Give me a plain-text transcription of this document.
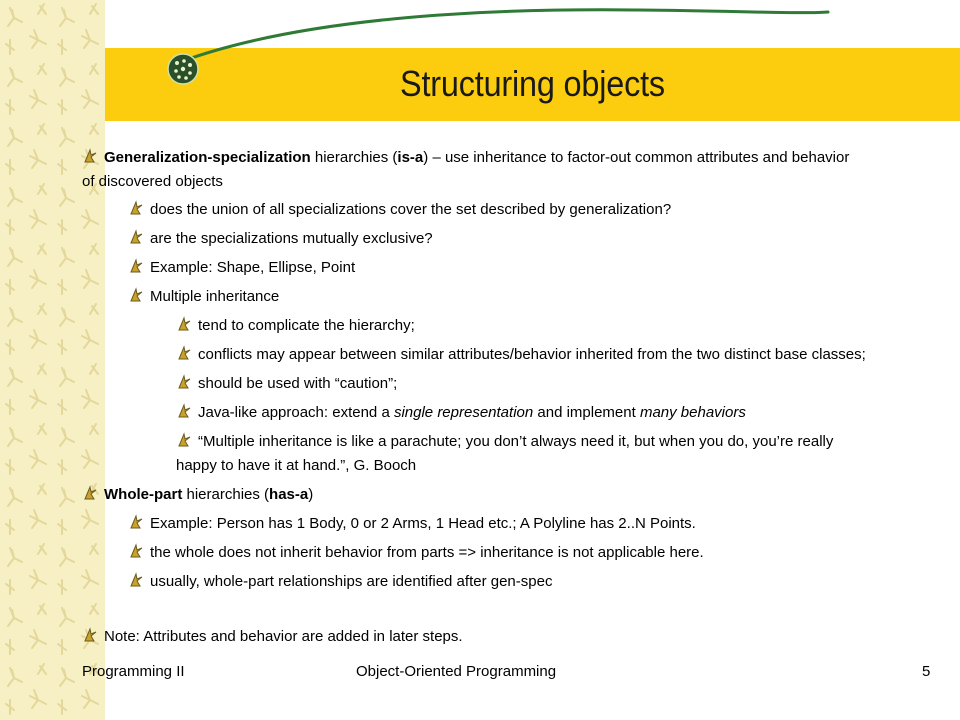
Structuring objects
Generalization-specialization hierarchies (is-a) – use inheritance to factor-out common attributes and behavior
of discovered objects
does the union of all specializations cover the set described by generalization?
are the specializations mutually exclusive?
Example: Shape, Ellipse, Point
Multiple inheritance
tend to complicate the hierarchy;
conflicts may appear between similar attributes/behavior inherited from the two distinct base classes;
should be used with “caution”;
Java-like approach: extend a single representation and implement many behaviors
“Multiple inheritance is like a parachute; you don’t always need it, but when you do, you’re really
happy to have it at hand.”, G. Booch
Whole-part hierarchies (has-a)
Example: Person has 1 Body, 0 or 2 Arms, 1 Head etc.; A Polyline has 2..N Points.
the whole does not inherit behavior from parts => inheritance is not applicable here.
usually, whole-part relationships are identified after gen-spec
Note: Attributes and behavior are added in later steps.
Programming II	Object-Oriented Programming	5
